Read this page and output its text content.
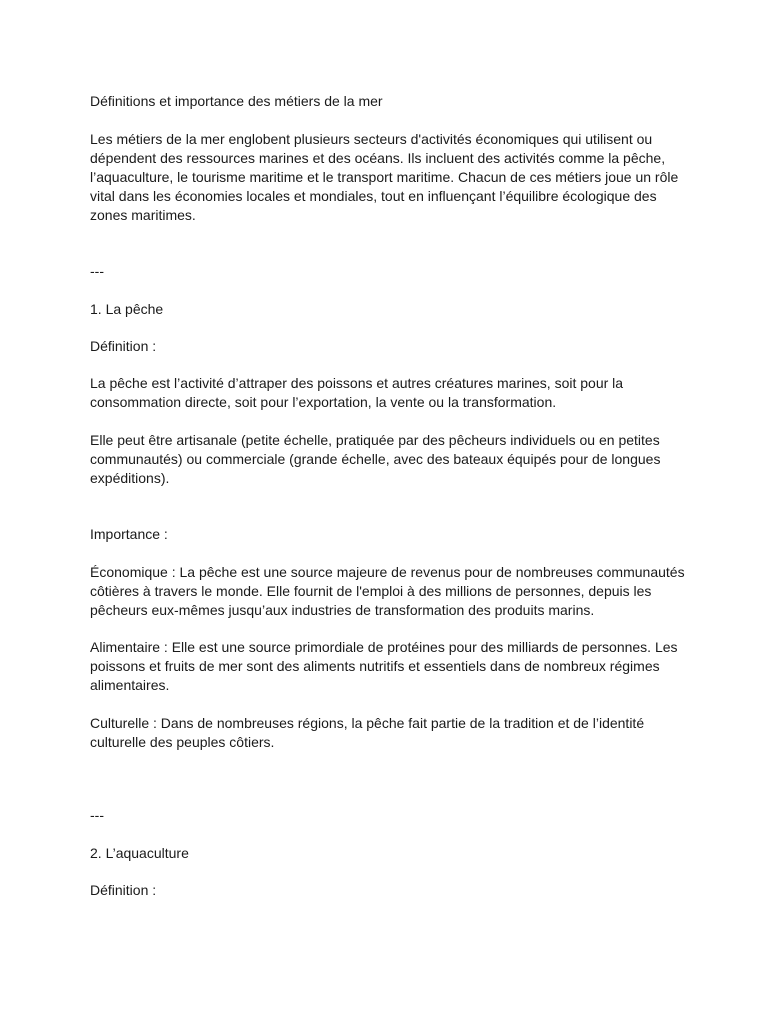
Définitions et importance des métiers de la mer

Les métiers de la mer englobent plusieurs secteurs d'activités économiques qui utilisent ou

dépendent des ressources marines et des océans. Ils incluent des activités comme la pêche,

l’aquaculture, le tourisme maritime et le transport maritime. Chacun de ces métiers joue un rôle

vital dans les économies locales et mondiales, tout en influençant l’équilibre écologique des

zones maritimes.

---

1. La pêche

Définition :

La pêche est l’activité d’attraper des poissons et autres créatures marines, soit pour la

consommation directe, soit pour l’exportation, la vente ou la transformation.

Elle peut être artisanale (petite échelle, pratiquée par des pêcheurs individuels ou en petites

communautés) ou commerciale (grande échelle, avec des bateaux équipés pour de longues

expéditions).

Importance :

Économique : La pêche est une source majeure de revenus pour de nombreuses communautés

côtières à travers le monde. Elle fournit de l'emploi à des millions de personnes, depuis les

pêcheurs eux-mêmes jusqu’aux industries de transformation des produits marins.

Alimentaire : Elle est une source primordiale de protéines pour des milliards de personnes. Les

poissons et fruits de mer sont des aliments nutritifs et essentiels dans de nombreux régimes

alimentaires.

Culturelle : Dans de nombreuses régions, la pêche fait partie de la tradition et de l’identité

culturelle des peuples côtiers.

---

2. L’aquaculture

Définition :
